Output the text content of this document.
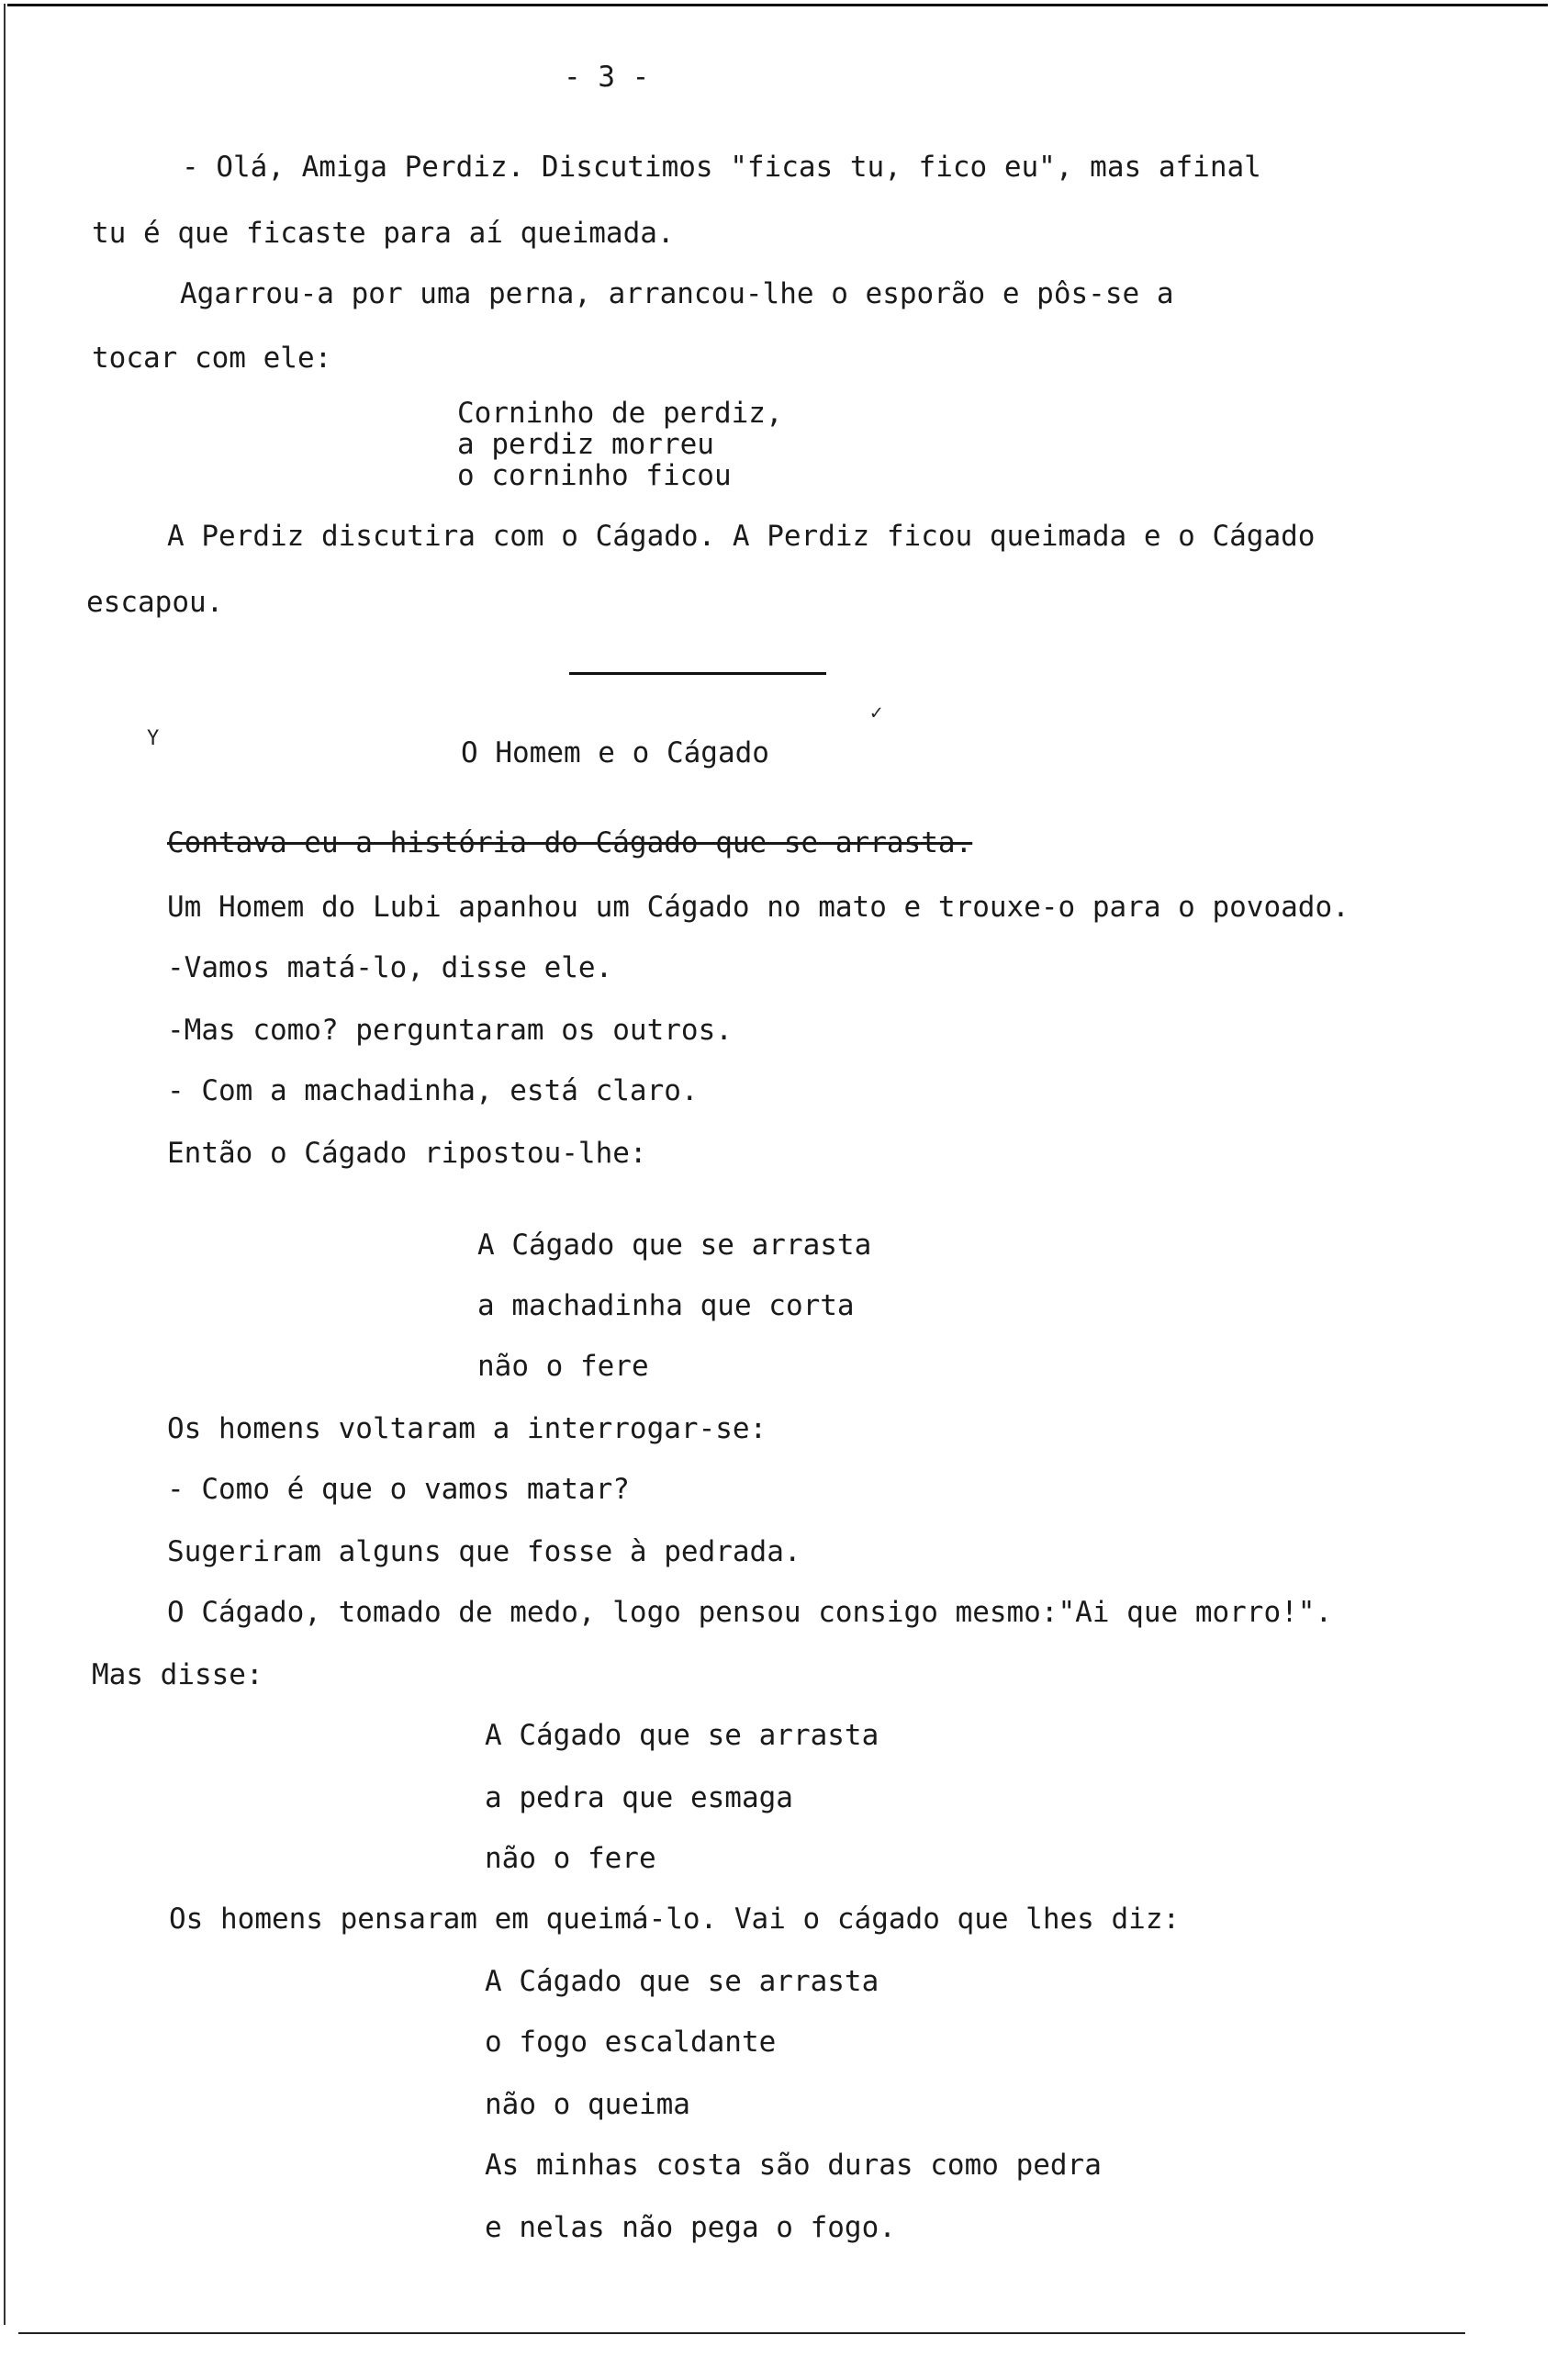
- 3 -
- Olá, Amiga Perdiz. Discutimos "ficas tu, fico eu", mas afinal
tu é que ficaste para aí queimada.
Agarrou-a por uma perna, arrancou-lhe o esporão e pôs-se a
tocar com ele:
Corninho de perdiz,
a perdiz morreu
o corninho ficou
A Perdiz discutira com o Cágado. A Perdiz ficou queimada e o Cágado
escapou.
Y
✓
O Homem e o Cágado
Contava eu a história do Cágado que se arrasta.
Um Homem do Lubi apanhou um Cágado no mato e trouxe-o para o povoado.
-Vamos matá-lo, disse ele.
-Mas como? perguntaram os outros.
- Com a machadinha, está claro.
Então o Cágado ripostou-lhe:
A Cágado que se arrasta
a machadinha que corta
não o fere
Os homens voltaram a interrogar-se:
- Como é que o vamos matar?
Sugeriram alguns que fosse à pedrada.
O Cágado, tomado de medo, logo pensou consigo mesmo:"Ai que morro!".
Mas disse:
A Cágado que se arrasta
a pedra que esmaga
não o fere
Os homens pensaram em queimá-lo. Vai o cágado que lhes diz:
A Cágado que se arrasta
o fogo escaldante
não o queima
As minhas costa são duras como pedra
e nelas não pega o fogo.
